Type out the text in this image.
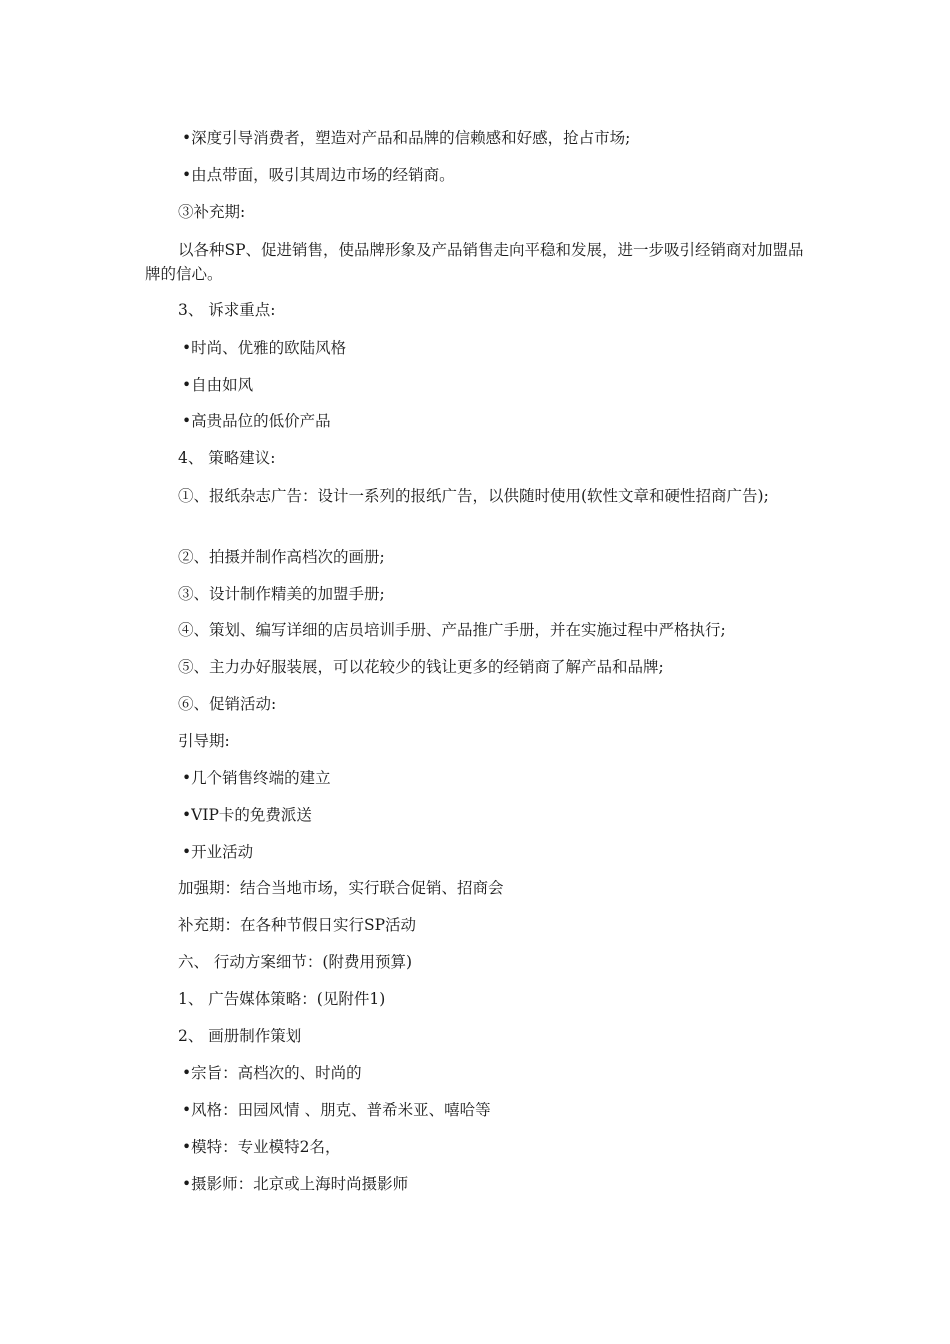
•深度引导消费者，塑造对产品和品牌的信赖感和好感，抢占市场;
•由点带面，吸引其周边市场的经销商。
③补充期:
以各种SP、促进销售，使品牌形象及产品销售走向平稳和发展，进一步吸引经销商对加盟品牌的信心。
3、 诉求重点:
•时尚、优雅的欧陆风格
•自由如风
•高贵品位的低价产品
4、 策略建议:
①、报纸杂志广告：设计一系列的报纸广告，以供随时使用(软性文章和硬性招商广告);
②、拍摄并制作高档次的画册;
③、设计制作精美的加盟手册;
④、策划、编写详细的店员培训手册、产品推广手册，并在实施过程中严格执行;
⑤、主力办好服装展，可以花较少的钱让更多的经销商了解产品和品牌;
⑥、促销活动:
引导期:
•几个销售终端的建立
•VIP卡的免费派送
•开业活动
加强期：结合当地市场，实行联合促销、招商会
补充期：在各种节假日实行SP活动
六、 行动方案细节：(附费用预算)
1、 广告媒体策略：(见附件1)
2、 画册制作策划
•宗旨：高档次的、时尚的
•风格：田园风情 、朋克、普希米亚、嘻哈等
•模特：专业模特2名，
•摄影师：北京或上海时尚摄影师
